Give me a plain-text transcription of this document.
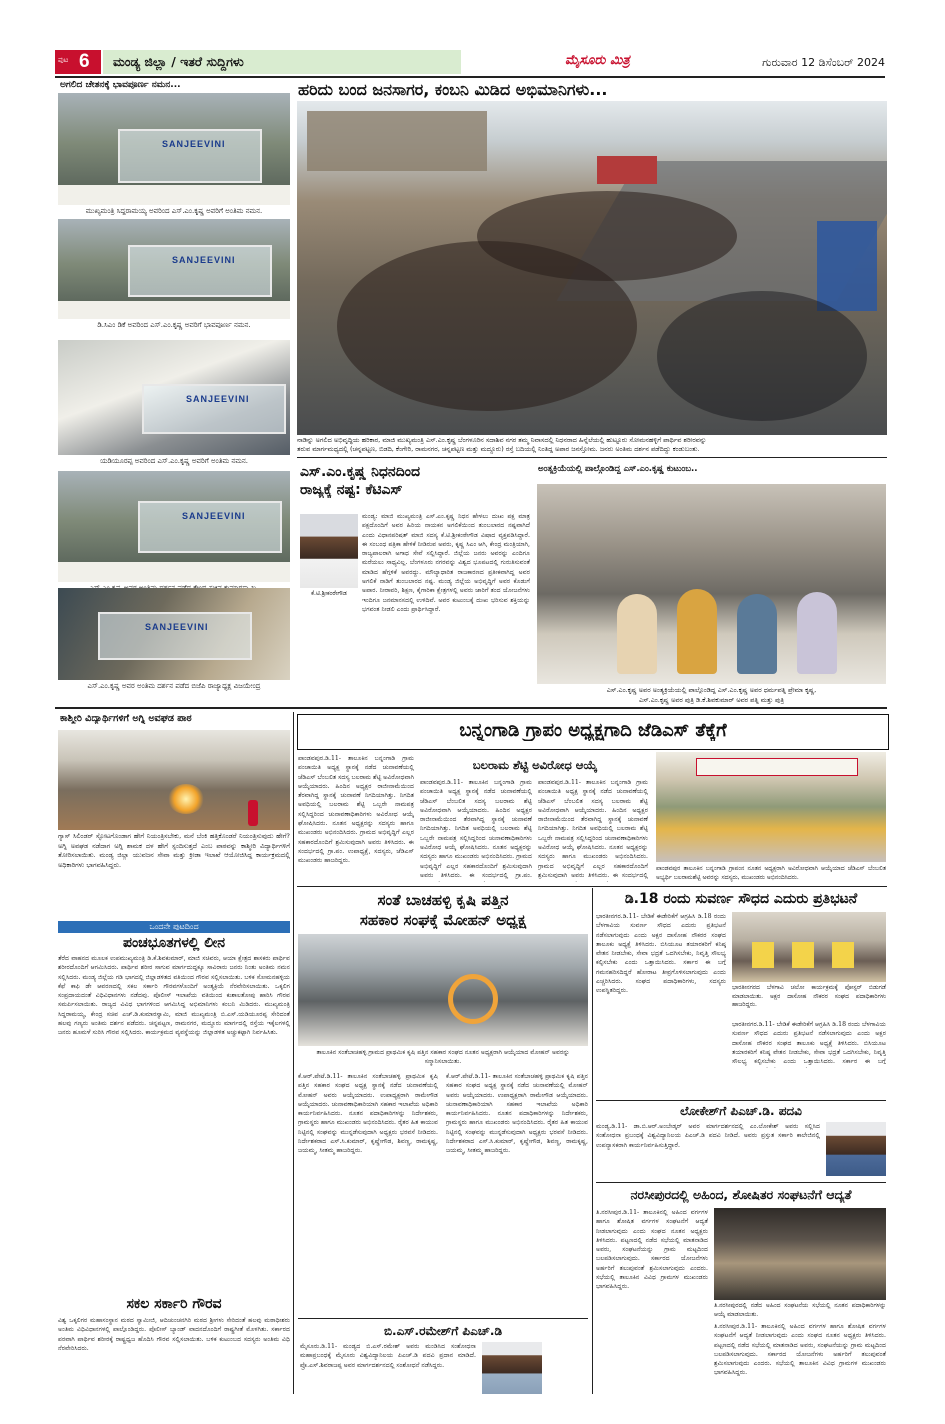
ಪುಟ 6 ಮಂಡ್ಯ ಜಿಲ್ಲಾ / ಇತರೆ ಸುದ್ದಿಗಳು	ಮೈಸೂರು ಮಿತ್ರ	ಗುರುವಾರ 12 ಡಿಸೆಂಬರ್ 2024
ಅಗಲಿದ ಚೇತನಕ್ಕೆ ಭಾವಪೂರ್ಣ ನಮನ...
SANJEEVINI
ಮುಖ್ಯಮಂತ್ರಿ ಸಿದ್ದರಾಮಯ್ಯ ಅವರಿಂದ ಎಸ್.ಎಂ.ಕೃಷ್ಣ ಅವರಿಗೆ ಅಂತಿಮ ನಮನ.
SANJEEVINI
ಡಿ.ಸಿಎಂ ಡಿಕೆ ಅವರಿಂದ ಎಸ್.ಎಂ.ಕೃಷ್ಣ ಅವರಿಗೆ ಭಾವಪೂರ್ಣ ನಮನ.
SANJEEVINI
ಯಡಿಯೂರಪ್ಪ ಅವರಿಂದ ಎಸ್.ಎಂ.ಕೃಷ್ಣ ಅವರಿಗೆ ಅಂತಿಮ ನಮನ.
SANJEEVINI
SANJEEVINI
ಎಸ್.ಎಂ.ಕೃಷ್ಣ ಅವರ ಅಂತಿಮ ದರ್ಶನ ಪಡೆದ ಬಿಜೆಪಿ ರಾಜ್ಯಾಧ್ಯಕ್ಷ ವಿಜಯೇಂದ್ರ
ಹರಿದು ಬಂದ ಜನಸಾಗರ, ಕಂಬನಿ ಮಿಡಿದ ಅಭಿಮಾನಿಗಳು...
ನಾಡಿನ್ನು ಅಗಲಿದ ಅಭಿವೃದ್ಧಿಯ ಹರಿಕಾರ, ಮಾಜಿ ಮುಖ್ಯಮಂತ್ರಿ ಎಸ್.ಎಂ.ಕೃಷ್ಣ ಬೆಂಗಳೂರಿನ ಸದಾಶಿವ ನಗರ ತಮ್ಮ ನಿವಾಸದಲ್ಲಿ ನಿಧನರಾದ ಹಿನ್ನೆಲೆಯಲ್ಲಿ ಹುಟ್ಟೂರು ಸೋಮನಹಳ್ಳಿಗೆ ಪಾರ್ಥಿವ ಶರೀರವನ್ನು
ತರುವ ಮಾರ್ಗಮಧ್ಯದಲ್ಲಿ (ಚನ್ನಪಟ್ಟಣ, ಬಿಡದಿ, ಕೆಂಗೇರಿ, ರಾಮನಗರ, ಚನ್ನಪಟ್ಟಣ ಮತ್ತು ಮದ್ದೂರು) ರಸ್ತೆ ಬದಿಯಲ್ಲಿ ನಿಂತಿದ್ದ ಅಪಾರ ಜನಸ್ತೋಮ. ಜನರು ಅಂತಿಮ ದರ್ಶನ ಪಡೆದಿದ್ದು ಕಂಡುಬಂತು.
ಎಸ್.ಎಂ.ಕೃಷ್ಣ ನಿಧನದಿಂದ
ರಾಜ್ಯಕ್ಕೆ ನಷ್ಟ: ಕೆಟಿಎಸ್
ಕೆ.ಟಿ.ಶ್ರೀಕಂಠೇಗೌಡ
ಮಂಡ್ಯ: ಮಾಜಿ ಮುಖ್ಯಮಂತ್ರಿ ಎಸ್.ಎಂ.ಕೃಷ್ಣ ನಿಧನ ಹೇಳಲು ದುಃಖ ಪಕ್ಷ ಮಾತ್ರ ಪಕ್ಷದೊಂದಿಗೆ ಅವರ ಹಿರಿಯ ನಾಯಕನ ಅಗಲಿಕೆಯಿಂದ ತುಂಬಲಾರದ ನಷ್ಟವಾಗಿದೆ ಎಂದು ವಿಧಾನಪರಿಷತ್ ಮಾಜಿ ಸದಸ್ಯ ಕೆ.ಟಿ.ಶ್ರೀಕಂಠೇಗೌಡ ವಿಷಾದ ವ್ಯಕ್ತಪಡಿಸಿದ್ದಾರೆ. ಈ ಸಂಬಂಧ ಪತ್ರಿಕಾ ಹೇಳಿಕೆ ನೀಡಿರುವ ಅವರು, ಕೃಷ್ಣ ಸಿಎಂ ಆಗಿ, ಕೇಂದ್ರ ಮಂತ್ರಿಯಾಗಿ, ರಾಜ್ಯಪಾಲರಾಗಿ ಅಗಾಧ ಸೇವೆ ಸಲ್ಲಿಸಿದ್ದಾರೆ. ಜಿಲ್ಲೆಯ ಜನರು ಅವರನ್ನು ಎಂದಿಗೂ ಮರೆಯಲು ಸಾಧ್ಯವಿಲ್ಲ. ಬೆಂಗಳೂರು ನಗರವನ್ನು ವಿಶ್ವದ ಭೂಪಟದಲ್ಲಿ ಗುರುತಿಸುವಂತೆ ಮಾಡಿದ ಹೆಗ್ಗಳಿಕೆ ಅವರದ್ದು. ಮೌಲ್ಯಾಧಾರಿತ ರಾಜಕಾರಣದ ಪ್ರತೀಕವಾಗಿದ್ದ ಅವರ ಅಗಲಿಕೆ ನಾಡಿಗೆ ತುಂಬಲಾರದ ನಷ್ಟ. ಮಂಡ್ಯ ಜಿಲ್ಲೆಯ ಅಭಿವೃದ್ಧಿಗೆ ಅವರ ಕೊಡುಗೆ ಅಪಾರ. ನೀರಾವರಿ, ಶಿಕ್ಷಣ, ಕೈಗಾರಿಕಾ ಕ್ಷೇತ್ರಗಳಲ್ಲಿ ಅವರು ಜಾರಿಗೆ ತಂದ ಯೋಜನೆಗಳು ಇಂದಿಗೂ ಜನಮಾನಸದಲ್ಲಿ ಉಳಿದಿವೆ. ಅವರ ಕುಟುಂಬಕ್ಕೆ ದುಃಖ ಭರಿಸುವ ಶಕ್ತಿಯನ್ನು ಭಗವಂತ ನೀಡಲಿ ಎಂದು ಪ್ರಾರ್ಥಿಸಿದ್ದಾರೆ.
ಅಂತ್ಯಕ್ರಿಯೆಯಲ್ಲಿ ಪಾಲ್ಗೊಂಡಿದ್ದ ಎಸ್.ಎಂ.ಕೃಷ್ಣ ಕುಟುಂಬ..
ಎಸ್.ಎಂ.ಕೃಷ್ಣ ಅವರ ಅಂತ್ಯಕ್ರಿಯೆಯಲ್ಲಿ ಪಾಲ್ಗೊಂಡಿದ್ದ ಎಸ್.ಎಂ.ಕೃಷ್ಣ ಅವರ ಧರ್ಮಪತ್ನಿ ಪ್ರೇಮಾ ಕೃಷ್ಣ,
ಎಸ್.ಎಂ.ಕೃಷ್ಣ ಅವರ ಪುತ್ರಿ ಡಿ.ಕೆ.ಶಿವಕುಮಾರ್ ಅವರ ಪತ್ನಿ ಮತ್ತು ಪುತ್ರಿ
ಕಾಶ್ಮೀರಿ ವಿದ್ಯಾರ್ಥಿಗಳಿಗೆ ಅಗ್ನಿ ಅವಘಡ ಪಾಠ
ಗ್ಯಾಸ್ ಸಿಲಿಂಡರ್ ಸ್ಫೋಟಗೊಂಡಾಗ ಹೇಗೆ ನಿಯಂತ್ರಿಸಬೇಕು, ಮನೆ ಬೆಂಕಿ ಹತ್ತಿಕೊಂಡರೆ ನಿಯಂತ್ರಿಸುವುದು ಹೇಗೆ? ಅಗ್ನಿ ಅವಘಡ ನಡೆದಾಗ ಅಗ್ನಿ ಶಾಮಕ ದಳ ಹೇಗೆ ಸ್ಪಂದಿಸುತ್ತದೆ ಎಂಬ ಪಾಠವನ್ನು ಕಾಶ್ಮೀರಿ ವಿದ್ಯಾರ್ಥಿಗಳಿಗೆ ತೋರಿಸಲಾಯಿತು. ಮಂಡ್ಯ ಜಿಲ್ಲಾ ಯುವಜನ ಸೇವಾ ಮತ್ತು ಕ್ರೀಡಾ ಇಲಾಖೆ ಆಯೋಜಿಸಿದ್ದ ಕಾರ್ಯಕ್ರಮದಲ್ಲಿ ಅಧಿಕಾರಿಗಳು ಭಾಗವಹಿಸಿದ್ದರು.
ಒಂದನೇ ಪುಟದಿಂದ
ಪಂಚಭೂತಗಳಲ್ಲಿ ಲೀನ
ತೆರೆದ ವಾಹನದ ಮೂಲಕ ಉಪಮುಖ್ಯಮಂತ್ರಿ ಡಿ.ಕೆ.ಶಿವಕುಮಾರ್, ಮಾಜಿ ಸಚಿವರು, ಆಯಾ ಕ್ಷೇತ್ರದ ಶಾಸಕರು ಪಾರ್ಥಿವ ಶರೀರದೊಂದಿಗೆ ಆಗಮಿಸಿದರು. ಪಾರ್ಥಿವ ಶರೀರ ಸಾಗುವ ಮಾರ್ಗದುದ್ದಕ್ಕೂ ಸಾವಿರಾರು ಜನರು ನಿಂತು ಅಂತಿಮ ನಮನ ಸಲ್ಲಿಸಿದರು. ಮಂಡ್ಯ ಜಿಲ್ಲೆಯ ಗಡಿ ಭಾಗದಲ್ಲಿ ಜಿಲ್ಲಾಡಳಿತದ ವತಿಯಿಂದ ಗೌರವ ಸಲ್ಲಿಸಲಾಯಿತು. ಬಳಿಕ ಸೋಮನಹಳ್ಳಿಯ ಕೆಫೆ ಕಾಫಿ ಡೇ ಆವರಣದಲ್ಲಿ ಸಕಲ ಸರ್ಕಾರಿ ಗೌರವಗಳೊಂದಿಗೆ ಅಂತ್ಯಕ್ರಿಯೆ ನೆರವೇರಿಸಲಾಯಿತು. ಒಕ್ಕಲಿಗ ಸಂಪ್ರದಾಯದಂತೆ ವಿಧಿವಿಧಾನಗಳು ನಡೆದವು. ಪೊಲೀಸ್ ಇಲಾಖೆಯ ವತಿಯಿಂದ ಕುಶಾಲತೋಪು ಹಾರಿಸಿ ಗೌರವ ಸಮರ್ಪಿಸಲಾಯಿತು. ರಾಜ್ಯದ ವಿವಿಧ ಭಾಗಗಳಿಂದ ಆಗಮಿಸಿದ್ದ ಅಭಿಮಾನಿಗಳು ಕಂಬನಿ ಮಿಡಿದರು. ಮುಖ್ಯಮಂತ್ರಿ ಸಿದ್ದರಾಮಯ್ಯ, ಕೇಂದ್ರ ಸಚಿವ ಎಚ್.ಡಿ.ಕುಮಾರಸ್ವಾಮಿ, ಮಾಜಿ ಮುಖ್ಯಮಂತ್ರಿ ಬಿ.ಎಸ್.ಯಡಿಯೂರಪ್ಪ ಸೇರಿದಂತೆ ಹಲವು ಗಣ್ಯರು ಅಂತಿಮ ದರ್ಶನ ಪಡೆದರು. ಚನ್ನಪಟ್ಟಣ, ರಾಮನಗರ, ಮದ್ದೂರು ಮಾರ್ಗದಲ್ಲಿ ರಸ್ತೆಯ ಇಕ್ಕೆಲಗಳಲ್ಲಿ ಜನರು ಹೂಮಳೆ ಸುರಿಸಿ ಗೌರವ ಸಲ್ಲಿಸಿದರು. ಕಾರ್ಯಕ್ರಮದ ವ್ಯವಸ್ಥೆಯನ್ನು ಜಿಲ್ಲಾಡಳಿತ ಅಚ್ಚುಕಟ್ಟಾಗಿ ನಿರ್ವಹಿಸಿತು.
ಸಕಲ ಸರ್ಕಾರಿ ಗೌರವ
ವಿಶ್ವ ಒಕ್ಕಲಿಗರ ಮಹಾಸಂಸ್ಥಾನ ಮಠದ ಸ್ವಾಮೀಜಿ, ಆದಿಚುಂಚನಗಿರಿ ಮಠದ ಶ್ರೀಗಳು ಸೇರಿದಂತೆ ಹಲವು ಮಠಾಧೀಶರು ಅಂತಿಮ ವಿಧಿವಿಧಾನಗಳಲ್ಲಿ ಪಾಲ್ಗೊಂಡಿದ್ದರು. ಪೊಲೀಸ್ ಬ್ಯಾಂಡ್ ವಾದನದೊಂದಿಗೆ ರಾಷ್ಟ್ರಗೀತೆ ಮೊಳಗಿತು. ಸರ್ಕಾರದ ಪರವಾಗಿ ಪಾರ್ಥಿವ ಶರೀರಕ್ಕೆ ರಾಷ್ಟ್ರಧ್ವಜ ಹೊದಿಸಿ ಗೌರವ ಸಲ್ಲಿಸಲಾಯಿತು. ಬಳಿಕ ಕುಟುಂಬದ ಸದಸ್ಯರು ಅಂತಿಮ ವಿಧಿ ನೆರವೇರಿಸಿದರು.
ಬನ್ನಂಗಾಡಿ ಗ್ರಾಪಂ ಅಧ್ಯಕ್ಷಗಾದಿ ಜೆಡಿಎಸ್ ತೆಕ್ಕೆಗೆ
ಪಾಂಡವಪುರ.ಡಿ.11- ತಾಲೂಕಿನ ಬನ್ನಂಗಾಡಿ ಗ್ರಾಮ ಪಂಚಾಯಿತಿ ಅಧ್ಯಕ್ಷ ಸ್ಥಾನಕ್ಕೆ ನಡೆದ ಚುನಾವಣೆಯಲ್ಲಿ ಜೆಡಿಎಸ್ ಬೆಂಬಲಿತ ಸದಸ್ಯ ಬಲರಾಮ ಶೆಟ್ಟಿ ಅವಿರೋಧವಾಗಿ ಆಯ್ಕೆಯಾದರು. ಹಿಂದಿನ ಅಧ್ಯಕ್ಷರ ರಾಜೀನಾಮೆಯಿಂದ ತೆರವಾಗಿದ್ದ ಸ್ಥಾನಕ್ಕೆ ಚುನಾವಣೆ ನಿಗದಿಯಾಗಿತ್ತು. ನಿಗದಿತ ಅವಧಿಯಲ್ಲಿ ಬಲರಾಮ ಶೆಟ್ಟಿ ಒಬ್ಬರೇ ನಾಮಪತ್ರ ಸಲ್ಲಿಸಿದ್ದರಿಂದ ಚುನಾವಣಾಧಿಕಾರಿಗಳು ಅವಿರೋಧ ಆಯ್ಕೆ ಘೋಷಿಸಿದರು. ನೂತನ ಅಧ್ಯಕ್ಷರನ್ನು ಸದಸ್ಯರು ಹಾಗೂ ಮುಖಂಡರು ಅಭಿನಂದಿಸಿದರು. ಗ್ರಾಮದ ಅಭಿವೃದ್ಧಿಗೆ ಎಲ್ಲರ ಸಹಕಾರದೊಂದಿಗೆ ಶ್ರಮಿಸುವುದಾಗಿ ಅವರು ತಿಳಿಸಿದರು. ಈ ಸಂದರ್ಭದಲ್ಲಿ ಗ್ರಾ.ಪಂ. ಉಪಾಧ್ಯಕ್ಷೆ, ಸದಸ್ಯರು, ಜೆಡಿಎಸ್ ಮುಖಂಡರು ಹಾಜರಿದ್ದರು.
ಬಲರಾಮ ಶೆಟ್ಟಿ ಅವಿರೋಧ ಆಯ್ಕೆ
ಪಾಂಡವಪುರ.ಡಿ.11- ತಾಲೂಕಿನ ಬನ್ನಂಗಾಡಿ ಗ್ರಾಮ ಪಂಚಾಯಿತಿ ಅಧ್ಯಕ್ಷ ಸ್ಥಾನಕ್ಕೆ ನಡೆದ ಚುನಾವಣೆಯಲ್ಲಿ ಜೆಡಿಎಸ್ ಬೆಂಬಲಿತ ಸದಸ್ಯ ಬಲರಾಮ ಶೆಟ್ಟಿ ಅವಿರೋಧವಾಗಿ ಆಯ್ಕೆಯಾದರು. ಹಿಂದಿನ ಅಧ್ಯಕ್ಷರ ರಾಜೀನಾಮೆಯಿಂದ ತೆರವಾಗಿದ್ದ ಸ್ಥಾನಕ್ಕೆ ಚುನಾವಣೆ ನಿಗದಿಯಾಗಿತ್ತು. ನಿಗದಿತ ಅವಧಿಯಲ್ಲಿ ಬಲರಾಮ ಶೆಟ್ಟಿ ಒಬ್ಬರೇ ನಾಮಪತ್ರ ಸಲ್ಲಿಸಿದ್ದರಿಂದ ಚುನಾವಣಾಧಿಕಾರಿಗಳು ಅವಿರೋಧ ಆಯ್ಕೆ ಘೋಷಿಸಿದರು. ನೂತನ ಅಧ್ಯಕ್ಷರನ್ನು ಸದಸ್ಯರು ಹಾಗೂ ಮುಖಂಡರು ಅಭಿನಂದಿಸಿದರು. ಗ್ರಾಮದ ಅಭಿವೃದ್ಧಿಗೆ ಎಲ್ಲರ ಸಹಕಾರದೊಂದಿಗೆ ಶ್ರಮಿಸುವುದಾಗಿ ಅವರು ತಿಳಿಸಿದರು. ಈ ಸಂದರ್ಭದಲ್ಲಿ ಗ್ರಾ.ಪಂ.
ಪಾಂಡವಪುರ.ಡಿ.11- ತಾಲೂಕಿನ ಬನ್ನಂಗಾಡಿ ಗ್ರಾಮ ಪಂಚಾಯಿತಿ ಅಧ್ಯಕ್ಷ ಸ್ಥಾನಕ್ಕೆ ನಡೆದ ಚುನಾವಣೆಯಲ್ಲಿ ಜೆಡಿಎಸ್ ಬೆಂಬಲಿತ ಸದಸ್ಯ ಬಲರಾಮ ಶೆಟ್ಟಿ ಅವಿರೋಧವಾಗಿ ಆಯ್ಕೆಯಾದರು. ಹಿಂದಿನ ಅಧ್ಯಕ್ಷರ ರಾಜೀನಾಮೆಯಿಂದ ತೆರವಾಗಿದ್ದ ಸ್ಥಾನಕ್ಕೆ ಚುನಾವಣೆ ನಿಗದಿಯಾಗಿತ್ತು. ನಿಗದಿತ ಅವಧಿಯಲ್ಲಿ ಬಲರಾಮ ಶೆಟ್ಟಿ ಒಬ್ಬರೇ ನಾಮಪತ್ರ ಸಲ್ಲಿಸಿದ್ದರಿಂದ ಚುನಾವಣಾಧಿಕಾರಿಗಳು ಅವಿರೋಧ ಆಯ್ಕೆ ಘೋಷಿಸಿದರು. ನೂತನ ಅಧ್ಯಕ್ಷರನ್ನು ಸದಸ್ಯರು ಹಾಗೂ ಮುಖಂಡರು ಅಭಿನಂದಿಸಿದರು. ಗ್ರಾಮದ ಅಭಿವೃದ್ಧಿಗೆ ಎಲ್ಲರ ಸಹಕಾರದೊಂದಿಗೆ ಶ್ರಮಿಸುವುದಾಗಿ ಅವರು ತಿಳಿಸಿದರು. ಈ ಸಂದರ್ಭದಲ್ಲಿ
ಪಾಂಡವಪುರ ತಾಲೂಕಿನ ಬನ್ನಂಗಾಡಿ ಗ್ರಾಪಂನ ನೂತನ ಅಧ್ಯಕ್ಷರಾಗಿ ಅವಿರೋಧವಾಗಿ ಆಯ್ಕೆಯಾದ ಜೆಡಿಎಸ್ ಬೆಂಬಲಿತ ಅಭ್ಯರ್ಥಿ ಬಲರಾಮಶೆಟ್ಟಿ ಅವರನ್ನು ಸದಸ್ಯರು, ಮುಖಂಡರು ಅಭಿನಂದಿಸಿದರು.
ಸಂತೆ ಬಾಚಹಳ್ಳಿ ಕೃಷಿ ಪತ್ತಿನ
ಸಹಕಾರ ಸಂಘಕ್ಕೆ ಮೋಹನ್ ಅಧ್ಯಕ್ಷ
ತಾಲೂಕಿನ ಸಂತೆಬಾಚಹಳ್ಳಿ ಗ್ರಾಮದ ಪ್ರಾಥಮಿಕ ಕೃಷಿ ಪತ್ತಿನ ಸಹಕಾರ ಸಂಘದ ನೂತನ ಅಧ್ಯಕ್ಷರಾಗಿ ಆಯ್ಕೆಯಾದ ಮೋಹನ್ ಅವರನ್ನು ಸನ್ಮಾನಿಸಲಾಯಿತು.
ಕೆ.ಆರ್.ಪೇಟೆ.ಡಿ.11- ತಾಲೂಕಿನ ಸಂತೆಬಾಚಹಳ್ಳಿ ಪ್ರಾಥಮಿಕ ಕೃಷಿ ಪತ್ತಿನ ಸಹಕಾರ ಸಂಘದ ಅಧ್ಯಕ್ಷ ಸ್ಥಾನಕ್ಕೆ ನಡೆದ ಚುನಾವಣೆಯಲ್ಲಿ ಮೋಹನ್ ಅವರು ಆಯ್ಕೆಯಾದರು. ಉಪಾಧ್ಯಕ್ಷರಾಗಿ ರಾಮೇಗೌಡ ಆಯ್ಕೆಯಾದರು. ಚುನಾವಣಾಧಿಕಾರಿಯಾಗಿ ಸಹಕಾರ ಇಲಾಖೆಯ ಅಧಿಕಾರಿ ಕಾರ್ಯನಿರ್ವಹಿಸಿದರು. ನೂತನ ಪದಾಧಿಕಾರಿಗಳನ್ನು ನಿರ್ದೇಶಕರು, ಗ್ರಾಮಸ್ಥರು ಹಾಗೂ ಮುಖಂಡರು ಅಭಿನಂದಿಸಿದರು. ರೈತರ ಹಿತ ಕಾಯುವ ನಿಟ್ಟಿನಲ್ಲಿ ಸಂಘವನ್ನು ಮುನ್ನಡೆಸುವುದಾಗಿ ಅಧ್ಯಕ್ಷರು ಭರವಸೆ ನೀಡಿದರು. ನಿರ್ದೇಶಕರಾದ ಎಸ್.ಸಿ.ಕುಮಾರ್, ಕೃಷ್ಣೇಗೌಡ, ಶಿವಣ್ಣ, ರಾಮಕೃಷ್ಣ, ಜಯಮ್ಮ, ಸೀತಮ್ಮ ಹಾಜರಿದ್ದರು.
ಕೆ.ಆರ್.ಪೇಟೆ.ಡಿ.11- ತಾಲೂಕಿನ ಸಂತೆಬಾಚಹಳ್ಳಿ ಪ್ರಾಥಮಿಕ ಕೃಷಿ ಪತ್ತಿನ ಸಹಕಾರ ಸಂಘದ ಅಧ್ಯಕ್ಷ ಸ್ಥಾನಕ್ಕೆ ನಡೆದ ಚುನಾವಣೆಯಲ್ಲಿ ಮೋಹನ್ ಅವರು ಆಯ್ಕೆಯಾದರು. ಉಪಾಧ್ಯಕ್ಷರಾಗಿ ರಾಮೇಗೌಡ ಆಯ್ಕೆಯಾದರು. ಚುನಾವಣಾಧಿಕಾರಿಯಾಗಿ ಸಹಕಾರ ಇಲಾಖೆಯ ಅಧಿಕಾರಿ ಕಾರ್ಯನಿರ್ವಹಿಸಿದರು. ನೂತನ ಪದಾಧಿಕಾರಿಗಳನ್ನು ನಿರ್ದೇಶಕರು, ಗ್ರಾಮಸ್ಥರು ಹಾಗೂ ಮುಖಂಡರು ಅಭಿನಂದಿಸಿದರು. ರೈತರ ಹಿತ ಕಾಯುವ ನಿಟ್ಟಿನಲ್ಲಿ ಸಂಘವನ್ನು ಮುನ್ನಡೆಸುವುದಾಗಿ ಅಧ್ಯಕ್ಷರು ಭರವಸೆ ನೀಡಿದರು. ನಿರ್ದೇಶಕರಾದ ಎಸ್.ಸಿ.ಕುಮಾರ್, ಕೃಷ್ಣೇಗೌಡ, ಶಿವಣ್ಣ, ರಾಮಕೃಷ್ಣ, ಜಯಮ್ಮ, ಸೀತಮ್ಮ ಹಾಜರಿದ್ದರು.
ಬಿ.ಎಸ್.ರಮೇಶ್‌ಗೆ ಪಿಎಚ್.ಡಿ
ಮೈಸೂರು.ಡಿ.11- ಮಂಡ್ಯದ ಬಿ.ಎಸ್.ರಮೇಶ್ ಅವರು ಮಂಡಿಸಿದ ಸಂಶೋಧನಾ ಮಹಾಪ್ರಬಂಧಕ್ಕೆ ಮೈಸೂರು ವಿಶ್ವವಿದ್ಯಾನಿಲಯ ಪಿಎಚ್.ಡಿ ಪದವಿ ಪ್ರದಾನ ಮಾಡಿದೆ. ಪ್ರೊ.ಎಸ್.ಶಿವರಾಜಪ್ಪ ಅವರ ಮಾರ್ಗದರ್ಶನದಲ್ಲಿ ಸಂಶೋಧನೆ ನಡೆಸಿದ್ದರು.
ಡಿ.18 ರಂದು ಸುವರ್ಣ ಸೌಧದ ಎದುರು ಪ್ರತಿಭಟನೆ
ಭಾರತೀನಗರ.ಡಿ.11- ಬೇಡಿಕೆ ಈಡೇರಿಕೆಗೆ ಆಗ್ರಹಿಸಿ ಡಿ.18 ರಂದು ಬೆಳಗಾವಿಯ ಸುವರ್ಣ ಸೌಧದ ಎದುರು ಪ್ರತಿಭಟನೆ ನಡೆಸಲಾಗುವುದು ಎಂದು ಅಕ್ಷರ ದಾಸೋಹ ನೌಕರರ ಸಂಘದ ತಾಲೂಕು ಅಧ್ಯಕ್ಷೆ ತಿಳಿಸಿದರು. ಬಿಸಿಯೂಟ ತಯಾರಕರಿಗೆ ಕನಿಷ್ಠ ವೇತನ ನೀಡಬೇಕು, ಸೇವಾ ಭದ್ರತೆ ಒದಗಿಸಬೇಕು, ನಿವೃತ್ತಿ ಸೌಲಭ್ಯ ಕಲ್ಪಿಸಬೇಕು ಎಂದು ಒತ್ತಾಯಿಸಿದರು. ಸರ್ಕಾರ ಈ ಬಗ್ಗೆ ಗಮನಹರಿಸದಿದ್ದರೆ ಹೋರಾಟ ತೀವ್ರಗೊಳಿಸಲಾಗುವುದು ಎಂದು ಎಚ್ಚರಿಸಿದರು. ಸಂಘದ ಪದಾಧಿಕಾರಿಗಳು, ಸದಸ್ಯರು ಉಪಸ್ಥಿತರಿದ್ದರು.	ಭಾರತೀನಗರದ ಬೆಳಗಾವಿ ಚಲೋ ಕಾರ್ಯಕ್ರಮಕ್ಕೆ ಪೋಸ್ಟರ್ ಬಿಡುಗಡೆ ಮಾಡಲಾಯಿತು. ಅಕ್ಷರ ದಾಸೋಹ ನೌಕರರ ಸಂಘದ ಪದಾಧಿಕಾರಿಗಳು ಹಾಜರಿದ್ದರು.
ಭಾರತೀನಗರ.ಡಿ.11- ಬೇಡಿಕೆ ಈಡೇರಿಕೆಗೆ ಆಗ್ರಹಿಸಿ ಡಿ.18 ರಂದು ಬೆಳಗಾವಿಯ ಸುವರ್ಣ ಸೌಧದ ಎದುರು ಪ್ರತಿಭಟನೆ ನಡೆಸಲಾಗುವುದು ಎಂದು ಅಕ್ಷರ ದಾಸೋಹ ನೌಕರರ ಸಂಘದ ತಾಲೂಕು ಅಧ್ಯಕ್ಷೆ ತಿಳಿಸಿದರು. ಬಿಸಿಯೂಟ ತಯಾರಕರಿಗೆ ಕನಿಷ್ಠ ವೇತನ ನೀಡಬೇಕು, ಸೇವಾ ಭದ್ರತೆ ಒದಗಿಸಬೇಕು, ನಿವೃತ್ತಿ ಸೌಲಭ್ಯ ಕಲ್ಪಿಸಬೇಕು ಎಂದು ಒತ್ತಾಯಿಸಿದರು. ಸರ್ಕಾರ ಈ ಬಗ್ಗೆ
ಲೋಕೇಶ್‌ಗೆ ಪಿಎಚ್.ಡಿ. ಪದವಿ
ಮಂಡ್ಯ.ಡಿ.11- ಡಾ.ಬಿ.ಆರ್.ಅಂಬೇಡ್ಕರ್ ಅವರ ಮಾರ್ಗದರ್ಶನದಲ್ಲಿ ಎಂ.ಲೋಕೇಶ್ ಅವರು ಸಲ್ಲಿಸಿದ ಸಂಶೋಧನಾ ಪ್ರಬಂಧಕ್ಕೆ ವಿಶ್ವವಿದ್ಯಾನಿಲಯ ಪಿಎಚ್.ಡಿ ಪದವಿ ನೀಡಿದೆ. ಅವರು ಪ್ರಸ್ತುತ ಸರ್ಕಾರಿ ಕಾಲೇಜಿನಲ್ಲಿ ಉಪನ್ಯಾಸಕರಾಗಿ ಕಾರ್ಯನಿರ್ವಹಿಸುತ್ತಿದ್ದಾರೆ.
ನರಸೀಪುರದಲ್ಲಿ ಅಹಿಂದ, ಶೋಷಿತರ ಸಂಘಟನೆಗೆ ಆದ್ಯತೆ
ತಿ.ನರಸೀಪುರ.ಡಿ.11- ತಾಲೂಕಿನಲ್ಲಿ ಅಹಿಂದ ವರ್ಗಗಳ ಹಾಗೂ ಶೋಷಿತ ವರ್ಗಗಳ ಸಂಘಟನೆಗೆ ಆದ್ಯತೆ ನೀಡಲಾಗುವುದು ಎಂದು ಸಂಘದ ನೂತನ ಅಧ್ಯಕ್ಷರು ತಿಳಿಸಿದರು. ಪಟ್ಟಣದಲ್ಲಿ ನಡೆದ ಸಭೆಯಲ್ಲಿ ಮಾತನಾಡಿದ ಅವರು, ಸಂಘಟನೆಯನ್ನು ಗ್ರಾಮ ಮಟ್ಟದಿಂದ ಬಲಪಡಿಸಲಾಗುವುದು. ಸರ್ಕಾರದ ಯೋಜನೆಗಳು ಅರ್ಹರಿಗೆ ತಲುಪುವಂತೆ ಶ್ರಮಿಸಲಾಗುವುದು ಎಂದರು. ಸಭೆಯಲ್ಲಿ ತಾಲೂಕಿನ ವಿವಿಧ ಗ್ರಾಮಗಳ ಮುಖಂಡರು ಭಾಗವಹಿಸಿದ್ದರು.
ತಿ.ನರಸೀಪುರದಲ್ಲಿ ನಡೆದ ಅಹಿಂದ ಸಂಘಟನೆಯ ಸಭೆಯಲ್ಲಿ ನೂತನ ಪದಾಧಿಕಾರಿಗಳನ್ನು ಆಯ್ಕೆ ಮಾಡಲಾಯಿತು.
ತಿ.ನರಸೀಪುರ.ಡಿ.11- ತಾಲೂಕಿನಲ್ಲಿ ಅಹಿಂದ ವರ್ಗಗಳ ಹಾಗೂ ಶೋಷಿತ ವರ್ಗಗಳ ಸಂಘಟನೆಗೆ ಆದ್ಯತೆ ನೀಡಲಾಗುವುದು ಎಂದು ಸಂಘದ ನೂತನ ಅಧ್ಯಕ್ಷರು ತಿಳಿಸಿದರು. ಪಟ್ಟಣದಲ್ಲಿ ನಡೆದ ಸಭೆಯಲ್ಲಿ ಮಾತನಾಡಿದ ಅವರು, ಸಂಘಟನೆಯನ್ನು ಗ್ರಾಮ ಮಟ್ಟದಿಂದ ಬಲಪಡಿಸಲಾಗುವುದು. ಸರ್ಕಾರದ ಯೋಜನೆಗಳು ಅರ್ಹರಿಗೆ ತಲುಪುವಂತೆ ಶ್ರಮಿಸಲಾಗುವುದು ಎಂದರು. ಸಭೆಯಲ್ಲಿ ತಾಲೂಕಿನ ವಿವಿಧ ಗ್ರಾಮಗಳ ಮುಖಂಡರು ಭಾಗವಹಿಸಿದ್ದರು.
